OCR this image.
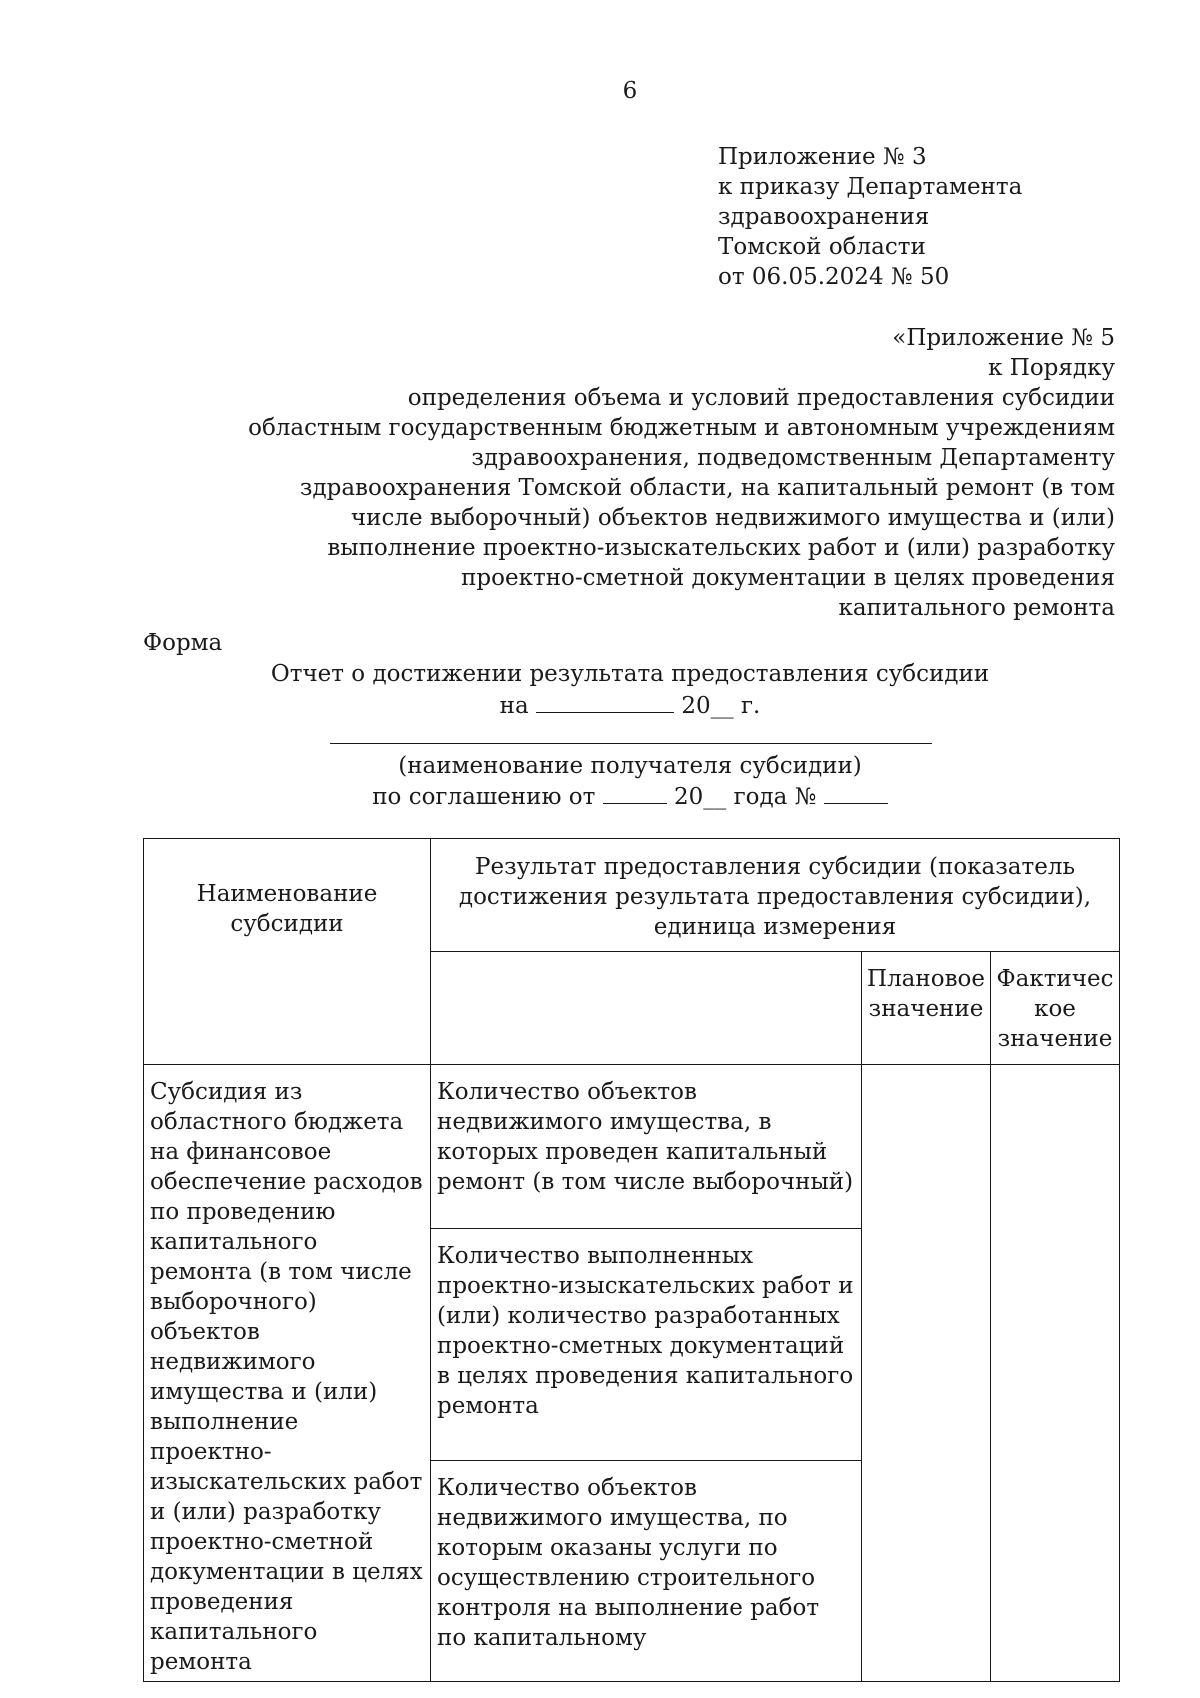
6
Приложение № 3
к приказу Департамента
здравоохранения
Томской области
от 06.05.2024 № 50
«Приложение № 5
к Порядку
определения объема и условий предоставления субсидии
областным государственным бюджетным и автономным учреждениям
здравоохранения, подведомственным Департаменту
здравоохранения Томской области, на капитальный ремонт (в том
числе выборочный) объектов недвижимого имущества и (или)
выполнение проектно-изыскательских работ и (или) разработку
проектно-сметной документации в целях проведения
капитального ремонта
Форма
Отчет о достижении результата предоставления субсидии
на	20__ г.
(наименование получателя субсидии)
по соглашению от	20__ года №
Наименование субсидии	Результат предоставления субсидии (показатель достижения результата предоставления субсидии), единица измерения		

		Плановое значение	Фактичес кое значение

Субсидия из областного бюджета на финансовое обеспечение расходов по проведению капитального ремонта (в том числе выборочного) объектов недвижимого имущества и (или) выполнение проектно-изыскательских работ и (или) разработку проектно-сметной документации в целях проведения капитального ремонта	Количество объектов недвижимого имущества, в которых проведен капитальный ремонт (в том числе выборочный)		

	Количество выполненных проектно-изыскательских работ и (или) количество разработанных проектно-сметных документаций в целях проведения капитального ремонта		

	Количество объектов недвижимого имущества, по которым оказаны услуги по осуществлению строительного контроля на выполнение работ по капитальному		
